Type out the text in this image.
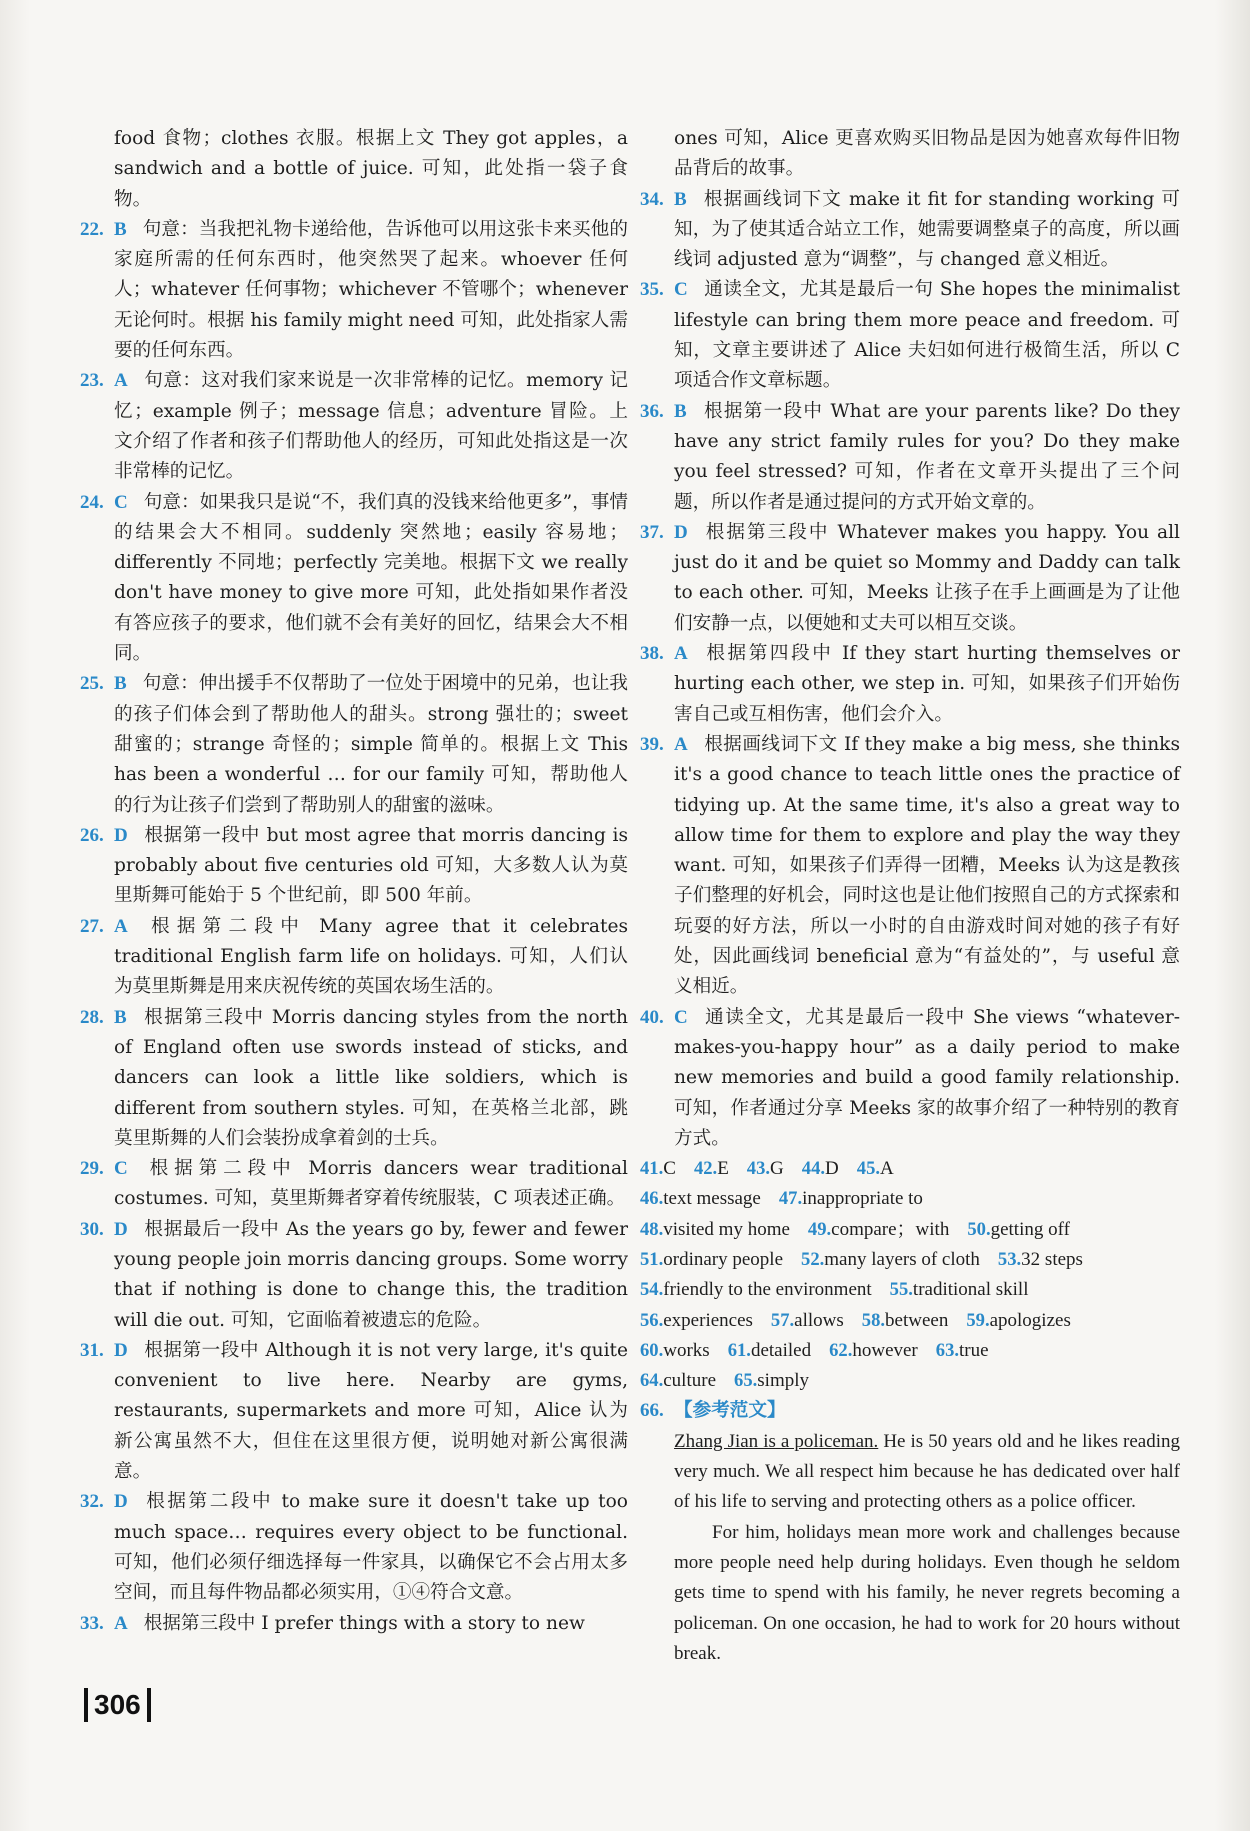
food 食物；clothes 衣服。根据上文 They got apples，a sandwich and a bottle of juice. 可知，此处指一袋子食物。
22. B 句意：当我把礼物卡递给他，告诉他可以用这张卡来买他的家庭所需的任何东西时，他突然哭了起来。whoever 任何人；whatever 任何事物；whichever 不管哪个；whenever 无论何时。根据 his family might need 可知，此处指家人需要的任何东西。
23. A 句意：这对我们家来说是一次非常棒的记忆。memory 记忆；example 例子；message 信息；adventure 冒险。上文介绍了作者和孩子们帮助他人的经历，可知此处指这是一次非常棒的记忆。
24. C 句意：如果我只是说“不，我们真的没钱来给他更多”，事情的结果会大不相同。suddenly 突然地；easily 容易地；differently 不同地；perfectly 完美地。根据下文 we really don't have money to give more 可知，此处指如果作者没有答应孩子的要求，他们就不会有美好的回忆，结果会大不相同。
25. B 句意：伸出援手不仅帮助了一位处于困境中的兄弟，也让我的孩子们体会到了帮助他人的甜头。strong 强壮的；sweet 甜蜜的；strange 奇怪的；simple 简单的。根据上文 This has been a wonderful … for our family 可知，帮助他人的行为让孩子们尝到了帮助别人的甜蜜的滋味。
26. D 根据第一段中 but most agree that morris dancing is probably about five centuries old 可知，大多数人认为莫里斯舞可能始于 5 个世纪前，即 500 年前。
27. A 根据第二段中 Many agree that it celebrates traditional English farm life on holidays. 可知，人们认为莫里斯舞是用来庆祝传统的英国农场生活的。
28. B 根据第三段中 Morris dancing styles from the north of England often use swords instead of sticks, and dancers can look a little like soldiers, which is different from southern styles. 可知，在英格兰北部，跳莫里斯舞的人们会装扮成拿着剑的士兵。
29. C 根据第二段中 Morris dancers wear traditional costumes. 可知，莫里斯舞者穿着传统服装，C 项表述正确。
30. D 根据最后一段中 As the years go by, fewer and fewer young people join morris dancing groups. Some worry that if nothing is done to change this, the tradition will die out. 可知，它面临着被遗忘的危险。
31. D 根据第一段中 Although it is not very large, it's quite convenient to live here. Nearby are gyms, restaurants, supermarkets and more 可知，Alice 认为新公寓虽然不大，但住在这里很方便，说明她对新公寓很满意。
32. D 根据第二段中 to make sure it doesn't take up too much space… requires every object to be functional. 可知，他们必须仔细选择每一件家具，以确保它不会占用太多空间，而且每件物品都必须实用，①④符合文意。
33. A 根据第三段中 I prefer things with a story to new
ones 可知，Alice 更喜欢购买旧物品是因为她喜欢每件旧物品背后的故事。
34. B 根据画线词下文 make it fit for standing working 可知，为了使其适合站立工作，她需要调整桌子的高度，所以画线词 adjusted 意为“调整”，与 changed 意义相近。
35. C 通读全文，尤其是最后一句 She hopes the minimalist lifestyle can bring them more peace and freedom. 可知，文章主要讲述了 Alice 夫妇如何进行极简生活，所以 C 项适合作文章标题。
36. B 根据第一段中 What are your parents like? Do they have any strict family rules for you? Do they make you feel stressed? 可知，作者在文章开头提出了三个问题，所以作者是通过提问的方式开始文章的。
37. D 根据第三段中 Whatever makes you happy. You all just do it and be quiet so Mommy and Daddy can talk to each other. 可知，Meeks 让孩子在手上画画是为了让他们安静一点，以便她和丈夫可以相互交谈。
38. A 根据第四段中 If they start hurting themselves or hurting each other, we step in. 可知，如果孩子们开始伤害自己或互相伤害，他们会介入。
39. A 根据画线词下文 If they make a big mess, she thinks it's a good chance to teach little ones the practice of tidying up. At the same time, it's also a great way to allow time for them to explore and play the way they want. 可知，如果孩子们弄得一团糟，Meeks 认为这是教孩子们整理的好机会，同时这也是让他们按照自己的方式探索和玩耍的好方法，所以一小时的自由游戏时间对她的孩子有好处，因此画线词 beneficial 意为“有益处的”，与 useful 意义相近。
40. C 通读全文，尤其是最后一段中 She views “whatever-makes-you-happy hour” as a daily period to make new memories and build a good family relationship. 可知，作者通过分享 Meeks 家的故事介绍了一种特别的教育方式。
41.C 42.E 43.G 44.D 45.A
46.text message 47.inappropriate to
48.visited my home 49.compare；with 50.getting off
51.ordinary people 52.many layers of cloth 53.32 steps
54.friendly to the environment 55.traditional skill
56.experiences 57.allows 58.between 59.apologizes
60.works 61.detailed 62.however 63.true
64.culture 65.simply
66. 【参考范文】

Zhang Jian is a policeman. He is 50 years old and he likes reading very much. We all respect him because he has dedicated over half of his life to serving and protecting others as a police officer.

For him, holidays mean more work and challenges because more people need help during holidays. Even though he seldom gets time to spend with his family, he never regrets becoming a policeman. On one occasion, he had to work for 20 hours without break.

306
